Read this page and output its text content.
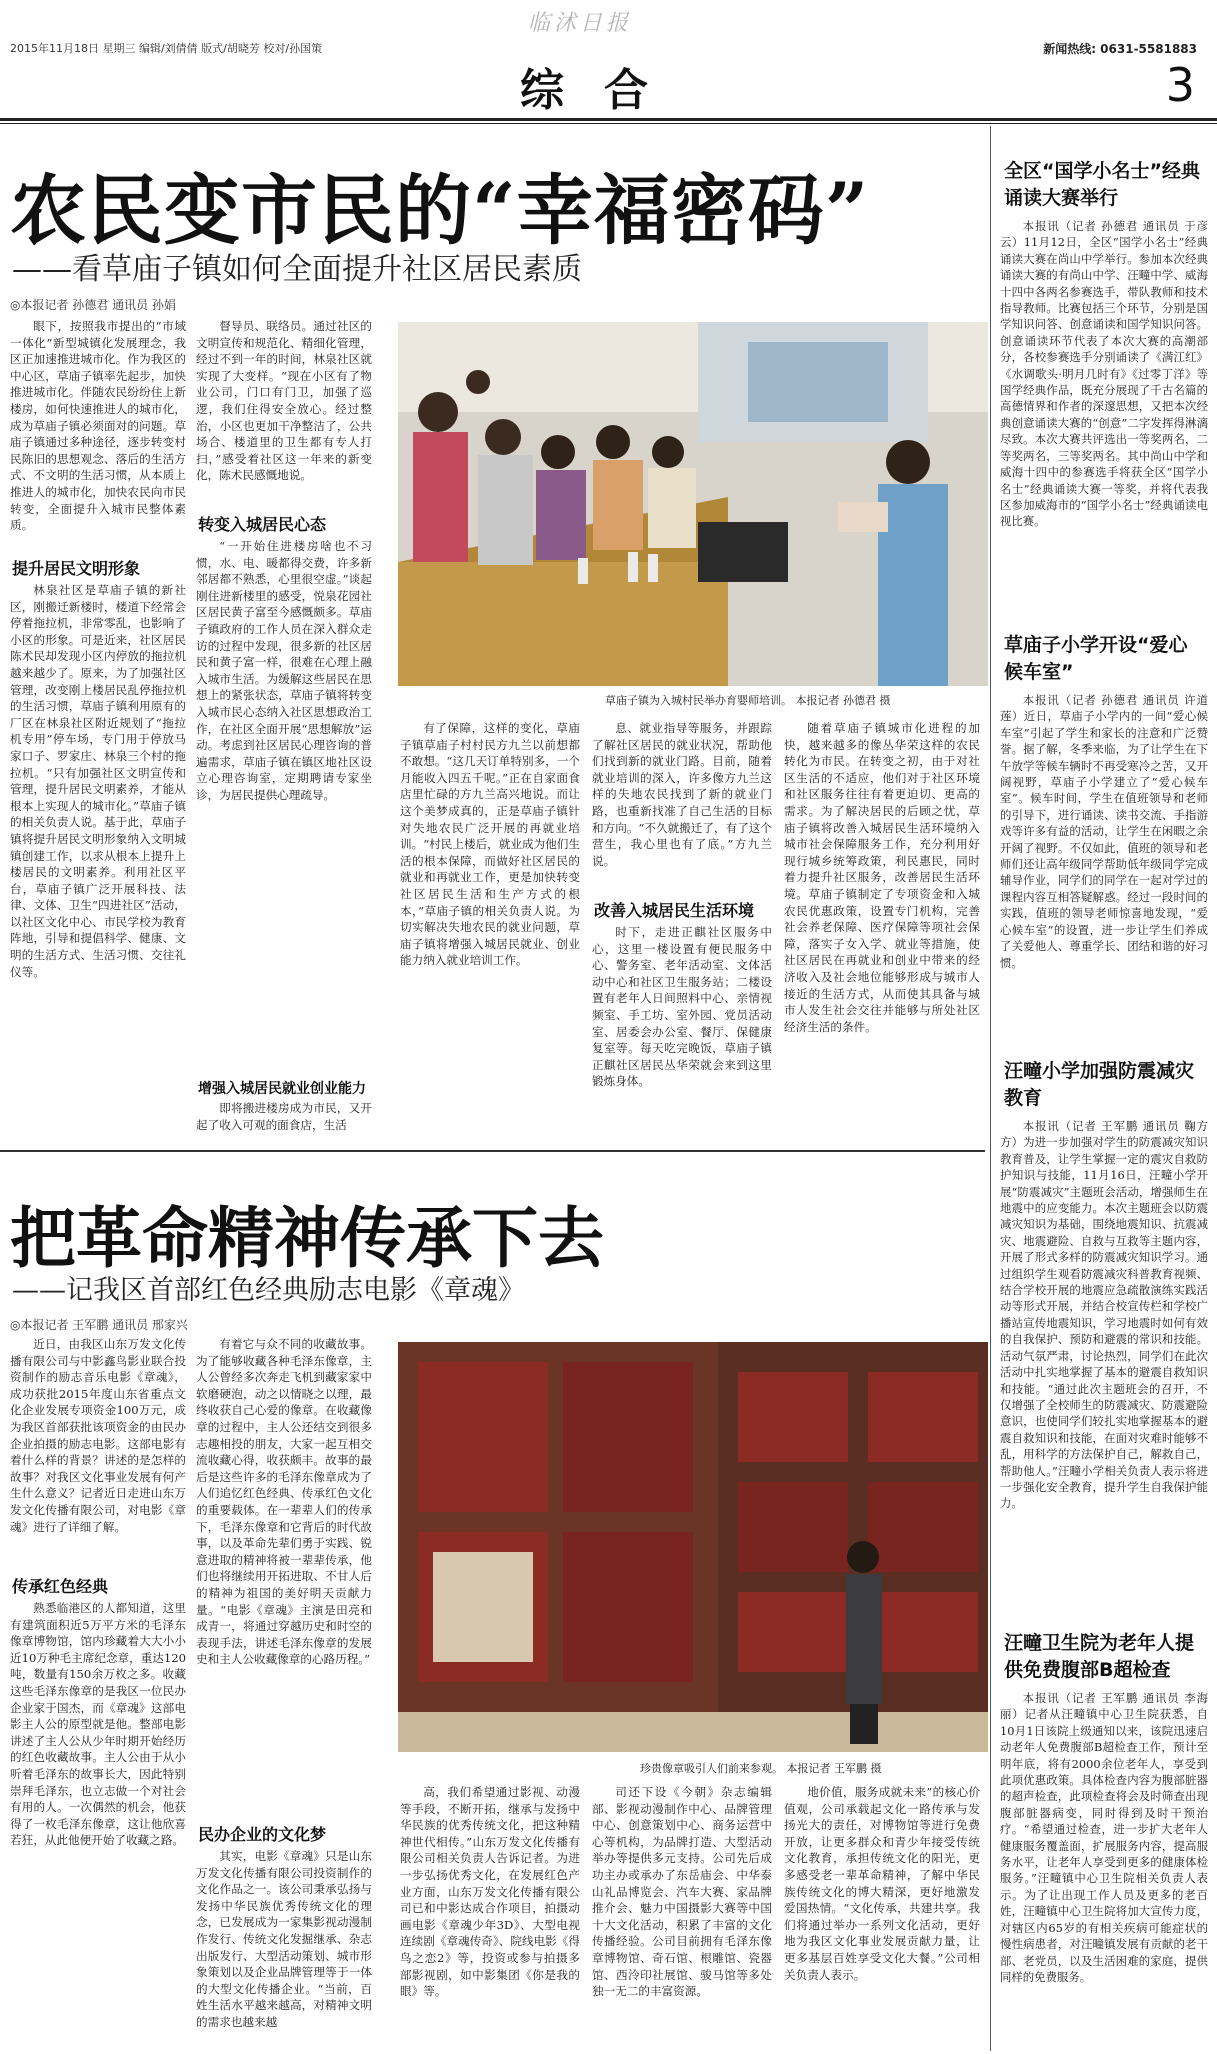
临沭日报
2015年11月18日 星期三 编辑/刘倩倩 版式/胡晓芳 校对/孙国策	新闻热线: 0631-5581883
综合	3
农民变市民的“幸福密码”
——看草庙子镇如何全面提升社区居民素质
◎本报记者 孙德君 通讯员 孙娟
眼下，按照我市提出的“市域一体化”新型城镇化发展理念，我区正加速推进城市化。作为我区的中心区，草庙子镇率先起步，加快推进城市化。伴随农民纷纷住上新楼房，如何快速推进人的城市化，成为草庙子镇必须面对的问题。草庙子镇通过多种途径，逐步转变村民陈旧的思想观念、落后的生活方式、不文明的生活习惯，从本质上推进人的城市化，加快农民向市民转变，全面提升入城市民整体素质。
提升居民文明形象
林泉社区是草庙子镇的新社区，刚搬迁新楼时，楼道下经常会停着拖拉机，非常零乱，也影响了小区的形象。可是近来，社区居民陈术民却发现小区内停放的拖拉机越来越少了。原来，为了加强社区管理，改变刚上楼居民乱停拖拉机的生活习惯，草庙子镇利用原有的厂区在林泉社区附近规划了“拖拉机专用”停车场，专门用于停放马家口子、罗家庄、林泉三个村的拖拉机。“只有加强社区文明宣传和管理，提升居民文明素养，才能从根本上实现人的城市化。”草庙子镇的相关负责人说。基于此，草庙子镇将提升居民文明形象纳入文明城镇创建工作，以求从根本上提升上楼居民的文明素养。利用社区平台，草庙子镇广泛开展科技、法律、文体、卫生“四进社区”活动，以社区文化中心、市民学校为教育阵地，引导和提倡科学、健康、文明的生活方式、生活习惯、交往礼仪等。
督导员、联络员。通过社区的文明宣传和规范化、精细化管理，经过不到一年的时间，林泉社区就实现了大变样。“现在小区有了物业公司，门口有门卫，加强了巡逻，我们住得安全放心。经过整治，小区也更加干净整洁了，公共场合、楼道里的卫生都有专人打扫，”感受着社区这一年来的新变化，陈术民感慨地说。
转变入城居民心态
“一开始住进楼房啥也不习惯，水、电、暖都得交费，许多新邻居都不熟悉，心里很空虚。”谈起刚住进新楼里的感受，悦泉花园社区居民黄子富至今感慨颇多。草庙子镇政府的工作人员在深入群众走访的过程中发现，很多新的社区居民和黄子富一样，很难在心理上融入城市生活。为缓解这些居民在思想上的紧张状态，草庙子镇将转变入城市民心态纳入社区思想政治工作，在社区全面开展“思想解放”运动。考虑到社区居民心理咨询的普遍需求，草庙子镇在镇区地社区设立心理咨询室，定期聘请专家坐诊，为居民提供心理疏导。
增强入城居民就业创业能力
即将搬进楼房成为市民，又开起了收入可观的面食店，生活
草庙子镇为入城村民举办育婴师培训。 本报记者 孙德君 摄
有了保障，这样的变化，草庙子镇草庙子村村民方九兰以前想都不敢想。“这几天订单特别多，一个月能收入四五千呢。”正在自家面食店里忙碌的方九兰高兴地说。而让这个美梦成真的，正是草庙子镇针对失地农民广泛开展的再就业培训。“村民上楼后，就业成为他们生活的根本保障，而做好社区居民的就业和再就业工作，更是加快转变社区居民生活和生产方式的根本，”草庙子镇的相关负责人说。为切实解决失地农民的就业问题，草庙子镇将增强入城居民就业、创业能力纳入就业培训工作。
息、就业指导等服务，并跟踪了解社区居民的就业状况，帮助他们找到新的就业门路。目前，随着就业培训的深入，许多像方九兰这样的失地农民找到了新的就业门路，也重新找准了自己生活的目标和方向。“不久就搬迁了，有了这个营生，我心里也有了底。”方九兰说。
改善入城居民生活环境
时下，走进正麒社区服务中心，这里一楼设置有便民服务中心、警务室、老年活动室、文体活动中心和社区卫生服务站；二楼设置有老年人日间照料中心、亲情视频室、手工坊、室外园、党员活动室、居委会办公室、餐厅、保健康复室等。每天吃完晚饭，草庙子镇正麒社区居民丛华荣就会来到这里锻炼身体。
随着草庙子镇城市化进程的加快，越来越多的像丛华荣这样的农民转化为市民。在转变之初，由于对社区生活的不适应，他们对于社区环境和社区服务往往有着更迫切、更高的需求。为了解决居民的后顾之忧，草庙子镇将改善入城居民生活环境纳入城市社会保障服务工作，充分利用好现行城乡统筹政策，利民惠民，同时着力提升社区服务，改善居民生活环境。草庙子镇制定了专项资金和入城农民优惠政策，设置专门机构，完善社会养老保障、医疗保障等项社会保障，落实子女入学、就业等措施，使社区居民在再就业和创业中带来的经济收入及社会地位能够形成与城市人接近的生活方式，从而使其具备与城市人发生社会交往并能够与所处社区经济生活的条件。
把革命精神传承下去
——记我区首部红色经典励志电影《章魂》
◎本报记者 王军鹏 通讯员 邢家兴
近日，由我区山东万发文化传播有限公司与中影鑫鸟影业联合投资制作的励志音乐电影《章魂》，成功获批2015年度山东省重点文化企业发展专项资金100万元，成为我区首部获批该项资金的由民办企业拍摄的励志电影。这部电影有着什么样的背景？讲述的是怎样的故事？对我区文化事业发展有何产生什么意义？记者近日走进山东万发文化传播有限公司，对电影《章魂》进行了详细了解。
传承红色经典
熟悉临港区的人都知道，这里有建筑面积近5万平方米的毛泽东像章博物馆，馆内珍藏着大大小小近10万种毛主席纪念章，重达120吨，数量有150余万枚之多。收藏这些毛泽东像章的是我区一位民办企业家于国杰，而《章魂》这部电影主人公的原型就是他。整部电影讲述了主人公从少年时期开始经历的红色收藏故事。主人公由于从小听着毛泽东的故事长大，因此特别崇拜毛泽东，也立志做一个对社会有用的人。一次偶然的机会，他获得了一枚毛泽东像章，这让他欣喜若狂，从此他便开始了收藏之路。
有着它与众不同的收藏故事。为了能够收藏各种毛泽东像章，主人公曾经多次奔走飞机到藏家家中软磨硬泡，动之以情晓之以理，最终收获自己心爱的像章。在收藏像章的过程中，主人公还结交到很多志趣相投的朋友，大家一起互相交流收藏心得，收获颇丰。故事的最后是这些许多的毛泽东像章成为了人们追忆红色经典、传承红色文化的重要载体。在一辈辈人们的传承下，毛泽东像章和它背后的时代故事，以及革命先辈们勇于实践、锐意进取的精神将被一辈辈传承，他们也将继续用开拓进取、不甘人后的精神为祖国的美好明天贡献力量。“电影《章魂》主演是田亮和成青一，将通过穿越历史和时空的表现手法，讲述毛泽东像章的发展史和主人公收藏像章的心路历程。”
民办企业的文化梦
其实，电影《章魂》只是山东万发文化传播有限公司投资制作的文化作品之一。该公司秉承弘扬与发扬中华民族优秀传统文化的理念，已发展成为一家集影视动漫制作发行、传统文化发掘继承、杂志出版发行、大型活动策划、城市形象策划以及企业品牌管理等于一体的大型文化传播企业。“当前，百姓生活水平越来越高，对精神文明的需求也越来越
珍贵像章吸引人们前来参观。 本报记者 王军鹏 摄
高，我们希望通过影视、动漫等手段，不断开拓，继承与发扬中华民族的优秀传统文化，把这种精神世代相传。”山东万发文化传播有限公司相关负责人告诉记者。为进一步弘扬优秀文化，在发展红色产业方面，山东万发文化传播有限公司已和中影达成合作项目，拍摄动画电影《章魂少年3D》、大型电视连续剧《章魂传奇》、院线电影《得鸟之恋2》等，投资或参与拍摄多部影视剧，如中影集团《你是我的眼》等。
司还下设《今朝》杂志编辑部、影视动漫制作中心、品牌管理中心、创意策划中心、商务运营中心等机构，为品牌打造、大型活动举办等提供多元支持。公司先后成功主办或承办了东岳庙会、中华泰山礼品博览会、汽车大赛、家品牌推介会、魅力中国摄影大赛等中国十大文化活动，积累了丰富的文化传播经验。公司目前拥有毛泽东像章博物馆、奇石馆、根雕馆、瓷器馆、西泠印社展馆、骏马馆等多处独一无二的丰富资源。
地价值，服务成就未来”的核心价值观，公司承载起文化一路传承与发扬光大的责任，对博物馆等进行免费开放，让更多群众和青少年接受传统文化教育，承担传统文化的阳光，更多感受老一辈革命精神，了解中华民族传统文化的博大精深，更好地激发爱国热情。“文化传承，共建共享。我们将通过举办一系列文化活动，更好地为我区文化事业发展贡献力量，让更多基层百姓享受文化大餐。”公司相关负责人表示。
全区“国学小名士”经典诵读大赛举行
本报讯（记者 孙德君 通讯员 于彦云）11月12日，全区“国学小名士”经典诵读大赛在尚山中学举行。参加本次经典诵读大赛的有尚山中学、汪疃中学、威海十四中各两名参赛选手，带队教师和技术指导教师。比赛包括三个环节，分别是国学知识问答、创意诵读和国学知识问答。创意诵读环节代表了本次大赛的高潮部分，各校参赛选手分别诵读了《满江红》《水调歌头·明月几时有》《过零丁洋》等国学经典作品，既充分展现了千古名篇的高德情界和作者的深邃思想，又把本次经典创意诵读大赛的“创意”二字发挥得淋漓尽致。本次大赛共评选出一等奖两名，二等奖两名，三等奖两名。其中尚山中学和威海十四中的参赛选手将获全区“国学小名士”经典诵读大赛一等奖，并将代表我区参加威海市的“国学小名士”经典诵读电视比赛。
草庙子小学开设“爱心候车室”
本报讯（记者 孙德君 通讯员 许道莲）近日，草庙子小学内的一间“爱心候车室”引起了学生和家长的注意和广泛赞誉。据了解，冬季来临，为了让学生在下午放学等候车辆时不再受寒冷之苦，又开阔视野，草庙子小学建立了“爱心候车室”。候车时间，学生在值班领导和老师的引导下，进行诵读、读书交流、手指游戏等许多有益的活动，让学生在闲暇之余开阔了视野。不仅如此，值班的领导和老师们还让高年级同学帮助低年级同学完成辅导作业，同学们的同学在一起对学过的课程内容互相答疑解惑。经过一段时间的实践，值班的领导老师惊喜地发现，“爱心候车室”的设置，进一步让学生们养成了关爱他人、尊重学长、团结和谐的好习惯。
汪疃小学加强防震减灾教育
本报讯（记者 王军鹏 通讯员 鞠方方）为进一步加强对学生的防震减灾知识教育普及，让学生掌握一定的震灾自救防护知识与技能，11月16日，汪疃小学开展“防震减灾”主题班会活动，增强师生在地震中的应变能力。本次主题班会以防震减灾知识为基础，围绕地震知识、抗震减灾、地震避险、自救与互救等主题内容，开展了形式多样的防震减灾知识学习。通过组织学生观看防震减灾科普教育视频、结合学校开展的地震应急疏散演练实践活动等形式开展，并结合校宣传栏和学校广播站宣传地震知识，学习地震时如何有效的自我保护、预防和避震的常识和技能。活动气氛严肃，讨论热烈，同学们在此次活动中扎实地掌握了基本的避震自救知识和技能。“通过此次主题班会的召开，不仅增强了全校师生的防震减灾、防震避险意识，也使同学们较扎实地掌握基本的避震自救知识和技能，在面对灾难时能够不乱，用科学的方法保护自己，解救自己，帮助他人。”汪疃小学相关负责人表示将进一步强化安全教育，提升学生自我保护能力。
汪疃卫生院为老年人提供免费腹部B超检查
本报讯（记者 王军鹏 通讯员 李海丽）记者从汪疃镇中心卫生院获悉，自10月1日该院上级通知以来，该院迅速启动老年人免费腹部B超检查工作，预计至明年底，将有2000余位老年人，享受到此项优惠政策。具体检查内容为腹部脏器的超声检查，此项检查将会及时筛查出现腹部脏器病变，同时得到及时干预治疗。“希望通过检查，进一步扩大老年人健康服务覆盖面，扩展服务内容，提高服务水平，让老年人享受到更多的健康体检服务。”汪疃镇中心卫生院相关负责人表示。为了让出现工作人员及更多的老百姓，汪疃镇中心卫生院将加大宣传力度，对辖区内65岁的有相关疾病可能症状的慢性病患者，对汪疃镇发展有贡献的老干部、老党员，以及生活困难的家庭，提供同样的免费服务。
